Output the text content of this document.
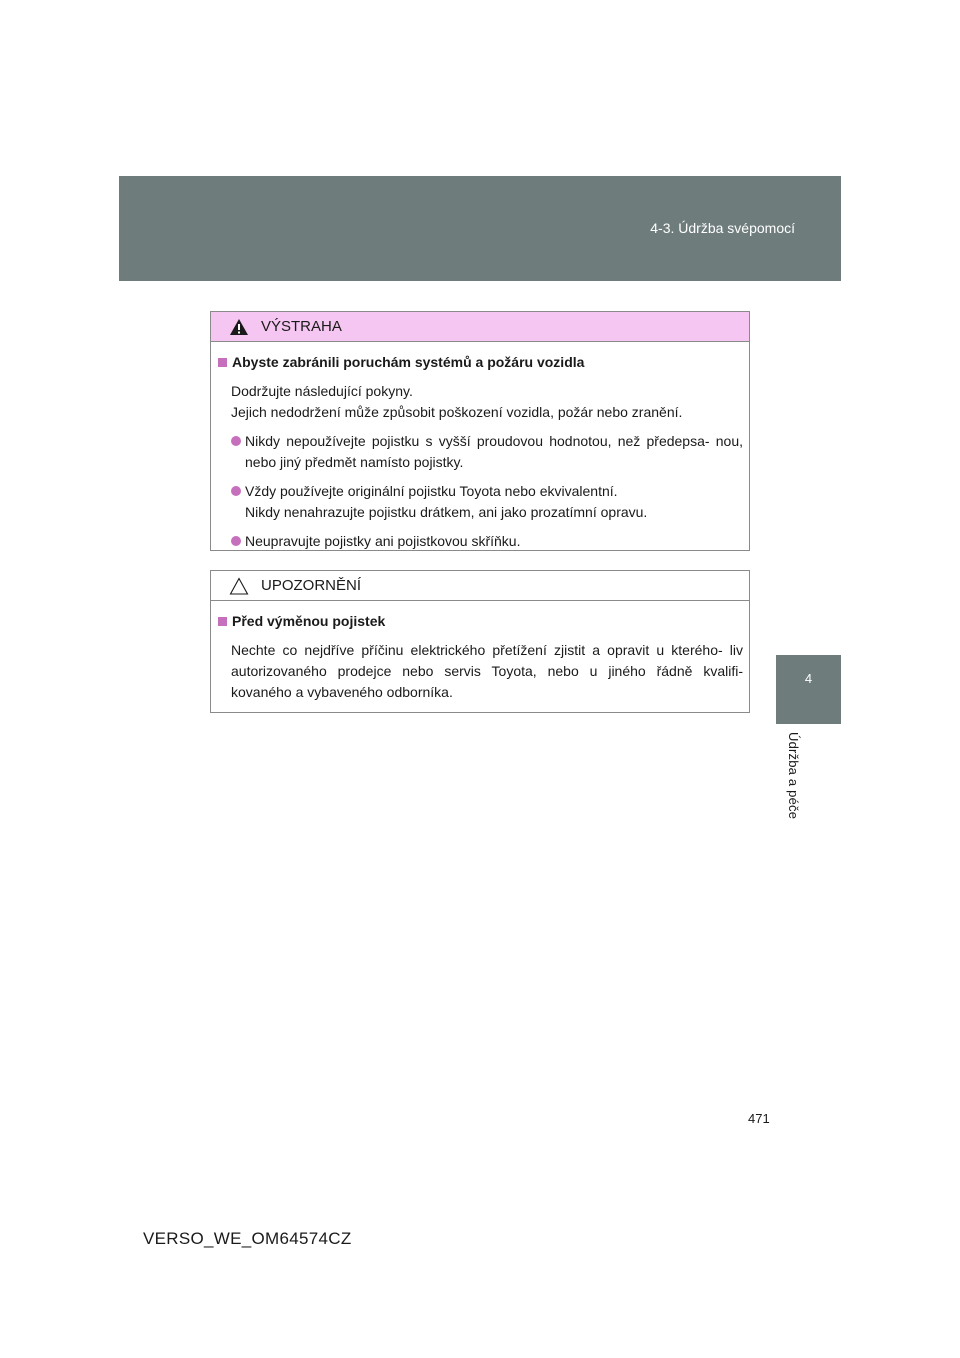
4-3. Údržba svépomocí
4
Údržba a péče
VÝSTRAHA
Abyste zabránili poruchám systémů a požáru vozidla
Dodržujte následující pokyny.
Jejich nedodržení může způsobit poškození vozidla, požár nebo zranění.
Nikdy nepoužívejte pojistku s vyšší proudovou hodnotou, než předepsa- nou, nebo jiný předmět namísto pojistky.
Vždy používejte originální pojistku Toyota nebo ekvivalentní.
Nikdy nenahrazujte pojistku drátkem, ani jako prozatímní opravu.
Neupravujte pojistky ani pojistkovou skříňku.
UPOZORNĚNÍ
Před výměnou pojistek
Nechte co nejdříve příčinu elektrického přetížení zjistit a opravit u kterého- liv autorizovaného prodejce nebo servis Toyota, nebo u jiného řádně kvalifi- kovaného a vybaveného odborníka.
471
VERSO_WE_OM64574CZ
